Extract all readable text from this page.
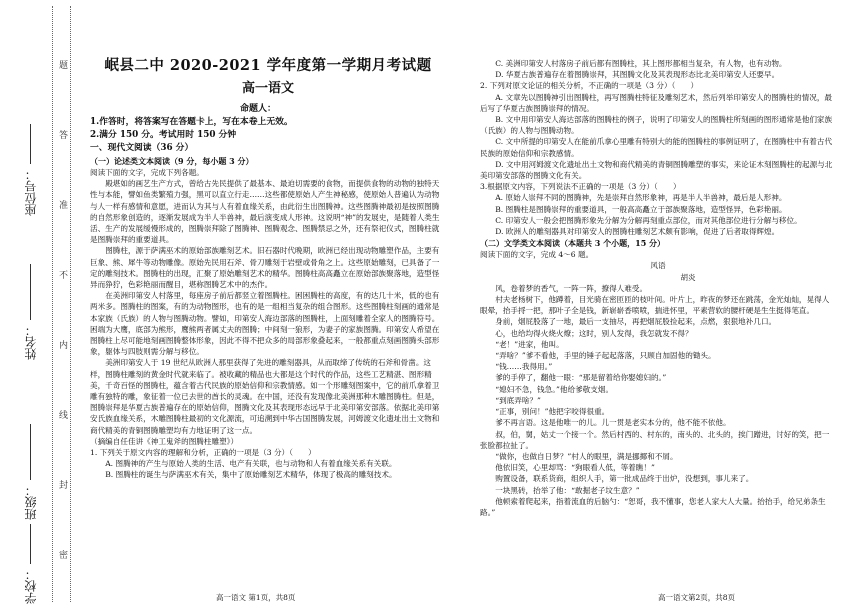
座位号：
姓名：
班级：
学校：
题
答
准
不
内
线
封
密
岷县二中 2020-2021 学年度第一学期月考试题
高一语文
命题人：
1.作答时，将答案写在答题卡上，写在本卷上无效。
2.满分 150 分。考试用时 150 分钟
一、现代文阅读（36 分）
（一）论述类文本阅读（9 分，每小题 3 分）

阅读下面的文字，完成下列各题。

殿堪如的画艺生产方式，曾给古先民提供了最基本、最迫切需要的食物，而提供食物的动物的独特天性与本能，譬如鱼类繁殖力强，黑可以直立行走……这些都使原始人产生神秘感，使原始人普遍认为动物与人一样有感情和意愿，进而认为其与人有着血缘关系，由此衍生出图腾神。这些图腾神最初是按照图腾的自然形象创造的，逐渐发展成为半人半兽神，最后演变成人形神。这说明“神”的发展史，是随着人类生活、生产的发展缓慢形成的，图腾崇拜除了图腾神、图腾观念、图腾禁忌之外，还有祭祀仪式，图腾柱就是图腾崇拜的重要道具。

图腾柱，源于萨满巫术的原始部族雕刻艺术。旧石器时代晚期，欧洲已经出现动物雕塑作品，主要有巨象、熊、犀牛等动物雕像。原始先民用石斧、骨刀雕刻于岩壁或骨角之上。这些原始雕刻，已具备了一定的雕刻技术。图腾柱的出现，汇聚了原始雕刻艺术的精华。图腾柱高高矗立在原始部族聚落地，造型怪异而狰狞，色彩艳丽而醒目，堪称图腾艺术中的杰作。

在美洲印第安人村落里，每座房子前后都竖立着图腾柱。困困腾柱的高度，有的达几十米，低的也有两米多。图腾柱的图案，有的为动物图形，也有的是一组相当复杂的组合图形。这些图腾柱刻画的通常是本家族（氏族）的人物与图腾动物。譬如，印第安人海边部落的图腾柱，上面刻雕着全家人的图腾符号。困端为大鹰，底部为熊形，鹰熊两者属丈夫的图腾；中间刻一狼形，为妻子的家族图腾。印第安人希望在图腾柱上尽可能地刻画图腾整体形象，因此不得不把众多的局部形象叠起来，一般都重点刻画图腾头部形象，躯体与四肢则需分解与移位。

美洲印第安人于 19 世纪从欧洲人那里获得了先进的雕刻器具，从而取缔了传统的石斧和骨凿。这样，图腾柱雕刻的黄金时代就来临了。被收藏的精品也大都是这个时代的作品，这些工艺精湛、图形精美，千奇百怪的图腾柱，蕴含着古代民族的原始信仰和宗教情感。如一个形雕刻图案中，它的前爪拿着卫雕有独特的雕，象征着一位已去世的酋长的灵魂。在中国，还没有发现像北美洲那种木雕图腾柱。但是，图腾崇拜是华夏古族普遍存在的原始信仰，图腾文化及其表现形态远早于北美印第安部落。依据北美印第安氏族血缘关系，木雕图腾柱最初的文化源流，可追溯到中华古国图腾发展，河姆渡文化遗址出土文物和商代精美的青铜图腾雕塑均有力地证明了这一点。

（摘编自任佳讲《神工鬼斧的图腾柱雕塑》）

1. 下列关于原文内容的理解和分析，正确的一项是（3 分）（　　）

A. 图腾神的产生与原始人类的生活、电产有关联，也与动物和人有着血缘关系有关联。

B. 图腾柱的诞生与萨满巫术有关，集中了原始雕刻艺术精华，体现了极高的雕刻技术。

C. 美洲印第安人村落房子前后都有图腾柱，其上图形都相当复杂，有人物，也有动物。

D. 华夏古族普遍存在着图腾崇拜，其图腾文化及其表现形态比北美印第安人还要早。

2. 下列对原文论证的相关分析，不正确的一项是（3 分）（　　）

A. 文章先以图腾神引出图腾柱，再写图腾柱特征及雕刻艺术，然后列举印第安人的图腾柱的情况，最后写了华夏古族图腾崇拜的情况。

B. 文中用印第安人海达部落的图腾柱的例子，说明了印第安人的图腾柱所刻画的图形通常是他们家族（氏族）的人物与图腾动物。

C. 文中所提的印第安人在能前爪拿心里雕有特别大的能的图腾柱的事例证明了，在图腾柱中有着古代民族的原始信仰和宗教感情。

D. 文中用河姆渡文化遗址出土文物和商代精美的青铜图腾雕塑的事实，来论证木刻图腾柱的起源与北美印第安部落的图腾文化有关。

3.根据原文内容，下列说法不正确的一项是（3 分）（　　）

A. 原始人崇拜不同的图腾神，先是崇拜自然形象神，再是半人半兽神，最后是人形神。

B. 图腾柱是图腾崇拜的重要道具，一般高高矗立于部族聚落地，造型怪异，色彩艳丽。

C. 印第安人一般会把图腾形象先分解为分解再刻重点部位，而对其他部位进行分解与移位。

D. 欧洲人的雕刻器具对印第安人的图腾柱雕刻艺术颇有影响，促进了后者取得辉煌。

（二）文学类文本阅读（本题共 3 个小题，15 分）

阅读下面的文字，完成 4～6 题。

风语

胡炎

风，卷着梦的香气，一阵一阵，撩得人难受。

村夫老杨树下，他蹲着，目光骑在密匝匝的枝叶间。叶片上，昨夜的梦还在跳荡，金光灿灿，晃得人眼晕，抬手捋一把，那叶子全是钱，新崭崭香喷喷，揣进怀里，平素营软的腰杆硬是生生挺得笔直。

身前，烟屁股落了一地，最后一支抽尽，再把烟屁股捡起来，点燃，狠狠地补几口。

心，也给均得火烧火燎；这时，别人发得，我怎就发不得？

“老！”进家，他叫。

“弄啥？”爹不看他，手里的锤子起起落落，只顾自加固他的锄头。

“钱……我得用。”

爹的手停了，翻他一眼：“那是留着给你娶媳妇的。”

“媳妇不急，钱急。”他给爹敬支烟。

“到底弄啥？”

“正事，别问！”他把字咬得很重。

爹不再言语。这是他唯一的儿。儿一贯是老实本分的，他不能不依他。

叔，伯，舅，姑丈一个接一个。然后村西的、村东的，南头的、北头的，挨门蹭进，讨好的笑，把一张脸都拉扯了。

“做你，也做自日梦？”村人的眼里，满是挪揶和不屑。

他依旧笑，心里却骂：“狗眼看人低，等着瞧！”

购置设备，联系货商，组织人手，第一批成品终于出炉，没想到，事儿来了。

一块黑砖，抬举了他：“敢掘老子坟生意？”

他顿索着爬起来，指着流血的后脑勺：“恕哥，我不懂事，您老人家大人大量。抬抬手，给兄弟条生路。”

高一语文 第1页，共8页	高一语文第2页，共8页
